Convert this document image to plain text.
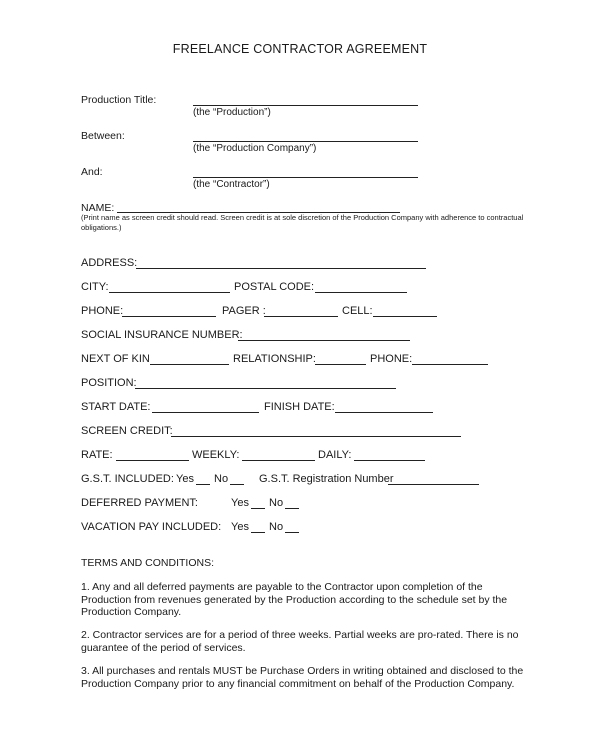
FREELANCE CONTRACTOR AGREEMENT
Production Title:
(the “Production”)
Between:
(the “Production Company”)
And:
(the “Contractor”)
NAME:
(Print name as screen credit should read. Screen credit is at sole discretion of the Production Company with adherence to contractual obligations.)
ADDRESS:
CITY:	POSTAL CODE:
PHONE:	PAGER :	CELL:
SOCIAL INSURANCE NUMBER:
NEXT OF KIN	RELATIONSHIP:	PHONE:
POSITION:
START DATE:	FINISH DATE:
SCREEN CREDIT:
RATE:	WEEKLY:	DAILY:
G.S.T. INCLUDED: Yes No	G.S.T. Registration Number
DEFERRED PAYMENT:	Yes No
VACATION PAY INCLUDED: Yes No
TERMS AND CONDITIONS:
1. Any and all deferred payments are payable to the Contractor upon completion of the Production from revenues generated by the Production according to the schedule set by the Production Company.
2. Contractor services are for a period of three weeks. Partial weeks are pro-rated. There is no guarantee of the period of services.
3. All purchases and rentals MUST be Purchase Orders in writing obtained and disclosed to the Production Company prior to any financial commitment on behalf of the Production Company.
